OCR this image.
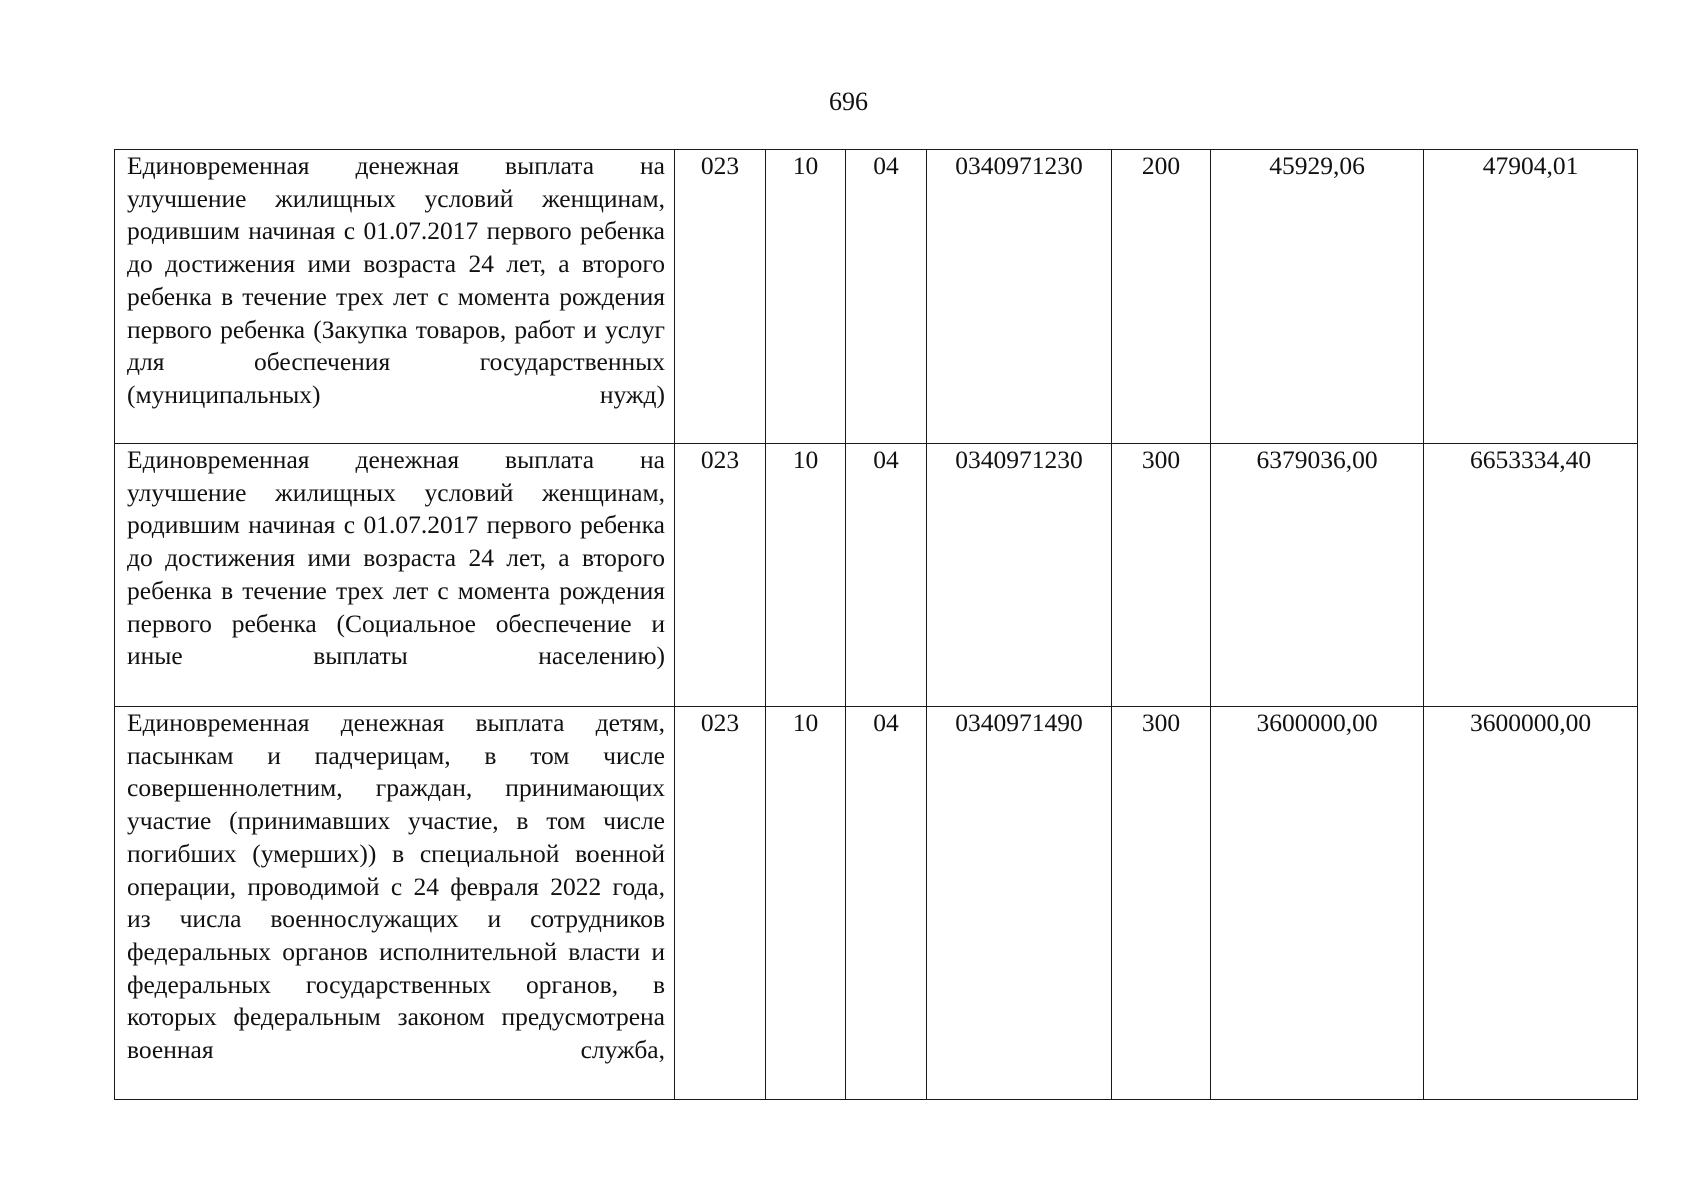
696
Единовременная денежная выплата на улучшение жилищных условий женщинам, родившим начиная с 01.07.2017 первого ребенка до достижения ими возраста 24 лет, а второго ребенка в течение трех лет с момента рождения первого ребенка (Закупка товаров, работ и услуг для обеспечения государственных (муниципальных) нужд)	023	10	04	0340971230	200	45929,06	47904,01

Единовременная денежная выплата на улучшение жилищных условий женщинам, родившим начиная с 01.07.2017 первого ребенка до достижения ими возраста 24 лет, а второго ребенка в течение трех лет с момента рождения первого ребенка (Социальное обеспечение и иные выплаты населению)	023	10	04	0340971230	300	6379036,00	6653334,40

Единовременная денежная выплата детям, пасынкам и падчерицам, в том числе совершеннолетним, граждан, принимающих участие (принимавших участие, в том числе погибших (умерших)) в специальной военной операции, проводимой с 24 февраля 2022 года, из числа военнослужащих и сотрудников федеральных органов исполнительной власти и федеральных государственных органов, в которых федеральным законом предусмотрена военная служба,	023	10	04	0340971490	300	3600000,00	3600000,00
